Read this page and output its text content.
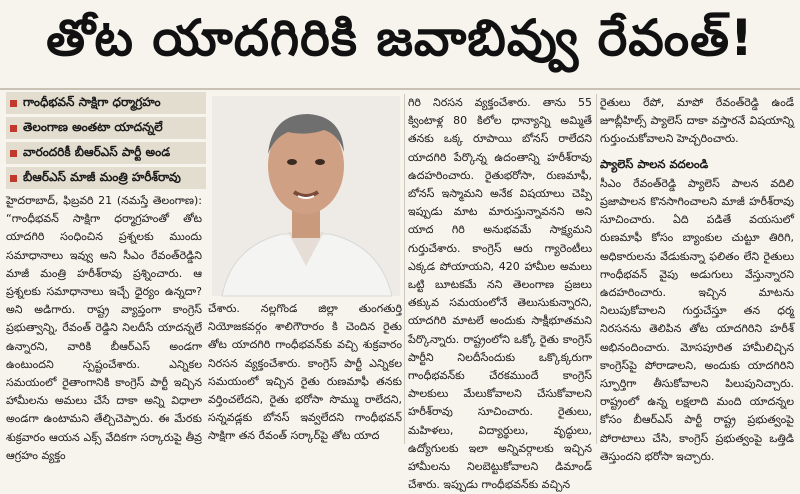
తోట యాదగిరికి జవాబివ్వు రేవంత్!
గాంధీభవన్ సాక్షిగా ధర్మాగ్రహం
తెలంగాణ అంతటా యాదన్నలే
వారందరికీ బీఆర్ఎస్ పార్టీ అండ
బీఆర్ఎస్ మాజీ మంత్రి హరీశ్‌రావు

హైదరాబాద్, ఫిబ్రవరి 21 (నమస్తే తెలంగాణ): “గాంధీభవన్ సాక్షిగా ధర్మాగ్రహంతో తోట యాదగిరి సంధించిన ప్రశ్నలకు ముందు సమాధానాలు ఇవ్వు అని సీఎం రేవంత్‌రెడ్డిని మాజీ మంత్రి హరీశ్‌రావు ప్రశ్నించారు. ఆ ప్రశ్నలకు సమాధానాలు ఇచ్చే ధైర్యం ఉన్నదా? అని అడిగారు. రాష్ట్ర వ్యాప్తంగా కాంగ్రెస్ ప్రభుత్వాన్ని, రేవంత్‌ రెడ్డిని నిలదీసే యాదన్నలే ఉన్నారని, వారికి బీఆర్ఎస్ అండగా ఉంటుందని స్పష్టంచేశారు. ఎన్నికల సమయంలో రైతాంగానికి కాంగ్రెస్ పార్టీ ఇచ్చిన హామీలను అమలు చేసే దాకా అన్ని విధాలా అండగా ఉంటామని తేల్చిచెప్పారు. ఈ మేరకు శుక్రవారం ఆయన ఎక్స్ వేదికగా సర్కారుపై తీవ్ర ఆగ్రహం వ్యక్తం

చేశారు. నల్లగొండ జిల్లా తుంగతుర్తి నియోజకవర్గం శాలిగౌరారం కి చెందిన రైతు తోట యాదగిరి గాంధీభవన్‌కు వచ్చి శుక్రవారం నిరసన వ్యక్తంచేశారు. కాంగ్రెస్ పార్టీ ఎన్నికల సమయంలో ఇచ్చిన రైతు రుణమాఫీ తనకు వర్తించలేదని, రైతు భరోసా సొమ్ము రాలేదని, సన్నవడ్లకు బోనస్ ఇవ్వలేదని గాంధీభవన్ సాక్షిగా తన రేవంత్ సర్కార్‌పై తోట యాద

గిరి నిరసన వ్యక్తంచేశారు. తాను 55 క్వింటాళ్ల 80 కిలోల ధాన్యాన్ని అమ్మితే తనకు ఒక్క రూపాయి బోనస్ రాలేదని యాదగిరి పేర్కొన్న ఉదంతాన్ని హరీశ్‌రావు ఉదహరించారు. రైతుభరోసా, రుణమాఫీ, బోనస్ ఇస్మామని అనేక విషయాలు చెప్పి ఇప్పుడు మాట మారుస్తున్నావనని అని యాద గిరి అనుభవమే సాక్ష్యమని గుర్తుచేశారు. కాంగ్రెస్ ఆరు గ్యారెంటీలు ఎక్కడ పోయాయని, 420 హామీల అమలు ఒట్టి బూటకమే నని తెలంగాణ ప్రజలు తక్కువ సమయంలోనే తెలుసుకున్నారని, యాదగిరి మాటలే అందుకు సాక్షీభూతమని పేర్కొన్నారు. రాష్ట్రంలోని ఒక్కో రైతు కాంగ్రెస్ పార్టీని నిలదీసేందుకు ఒక్కొక్కరుగా గాంధీభవన్‌కు చేరకముందే కాంగ్రెస్ పాలకులు మేలుకోవాలని చేసుకోవాలని హరీశ్‌రావు సూచించారు. రైతులు, మహిళలు, విద్యార్థులు, వృద్ధులు, ఉద్యోగులకు ఇలా అన్నివర్గాలకు ఇచ్చిన హామీలను నిలబెట్టుకోవాలని డిమాండ్ చేశారు. ఇప్పుడు గాంధీభవన్‌కు వచ్చిన

రైతులు రేపో, మాపో రేవంత్‌రెడ్డి ఉండే జూబ్లీహిల్స్ ప్యాలెస్ దాకా వస్తారనే విషయాన్ని గుర్తుంచుకోవాలని హెచ్చరించారు.

ప్యాలెస్ పాలన వదలండి

సీఎం రేవంత్‌రెడ్డి ప్యాలెస్ పాలన వదిలి ప్రజాపాలన కొనసాగించాలని మాజీ హరీశ్‌రావు సూచించారు. ఏది పడితే వయసులో రుణమాఫీ కోసం బ్యాంకుల చుట్టూ తిరిగి, అధికారులను వేడుకున్నా ఫలితం లేని రైతులు గాంధీభవన్ వైపు అడుగులు వేస్తున్నారని ఉదహరించారు. ఇచ్చిన మాటను నిలుపుకోవాలని గుర్తుచేస్తూ తన ధర్మ నిరసనను తెలిపిన తోట యాదగిరిని హరీశ్ అభినందించారు. మోసపూరిత హామీలిచ్చిన కాంగ్రెస్‌పై పోరాడాలని, అందుకు యాదగిరిని స్ఫూర్తిగా తీసుకోవాలని పిలుపునిచ్చారు. రాష్ట్రంలో ఉన్న లక్షలాది మంది యాదన్నల కోసం బీఆర్ఎస్ పార్టీ రాష్ట్ర ప్రభుత్వంపై పోరాటాలు చేసి, కాంగ్రెస్ ప్రభుత్వంపై ఒత్తిడి తెస్తుందని భరోసా ఇచ్చారు.
